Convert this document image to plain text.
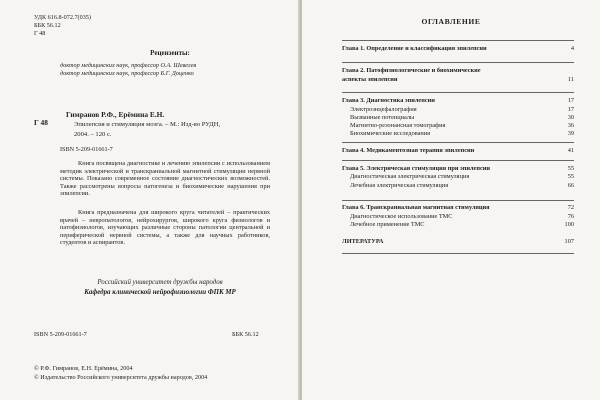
УДК 616.8-072.7(035)
ББК 56.12
Г 48
Рецензенты:
доктор медицинских наук, профессор О.А. Шевелев
доктор медицинских наук, профессор Б.Г. Доценко
Г 48
Гимранов Р.Ф., Ерёмина Е.Н.
Эпилепсия и стимуляция мозга. – М.: Изд-во РУДН,
2004. – 120 с.
ISBN 5-209-01661-7
Книга посвящена диагностике и лечению эпилепсии с использованием методик электрической и транскраниальной магнитной стимуляции нервной системы. Показано современное состояние диагностических возможностей. Также рассмотрены вопросы патогенеза и биохимические нарушения при эпилепсии.
Книга предназначена для широкого круга читателей – практических врачей – невропатологов, нейрохирургов, широкого круга физиологов и патофизиологов, изучающих различные стороны патологии центральной и периферической нервной системы, а также для научных работников, студентов и аспирантов.
Российский университет дружбы народов
Кафедра клинической нейрофизиологии ФПК МР
ISBN 5-209-01661-7	ББК 56.12
© Р.Ф. Гимранов, Е.Н. Ерёмина, 2004
© Издательство Российского университета дружбы народов, 2004
ОГЛАВЛЕНИЕ
Глава 1. Определение и классификация эпилепсии	4
Глава 2. Патофизиологические и биохимические
аспекты эпилепсии	11
Глава 3. Диагностика эпилепсии	17
Электроэнцефалография	17
Вызванные потенциалы	30
Магнитно-резонансная томография	36
Биохимические исследования	39
Глава 4. Медикаментозная терапия эпилепсии	41
Глава 5. Электрическая стимуляция при эпилепсии	55
Диагностическая электрическая стимуляция	55
Лечебная электрическая стимуляция	66
Глава 6. Транскраниальная магнитная стимуляция	72
Диагностическое использование ТМС	76
Лечебное применение ТМС	100
ЛИТЕРАТУРА	107
